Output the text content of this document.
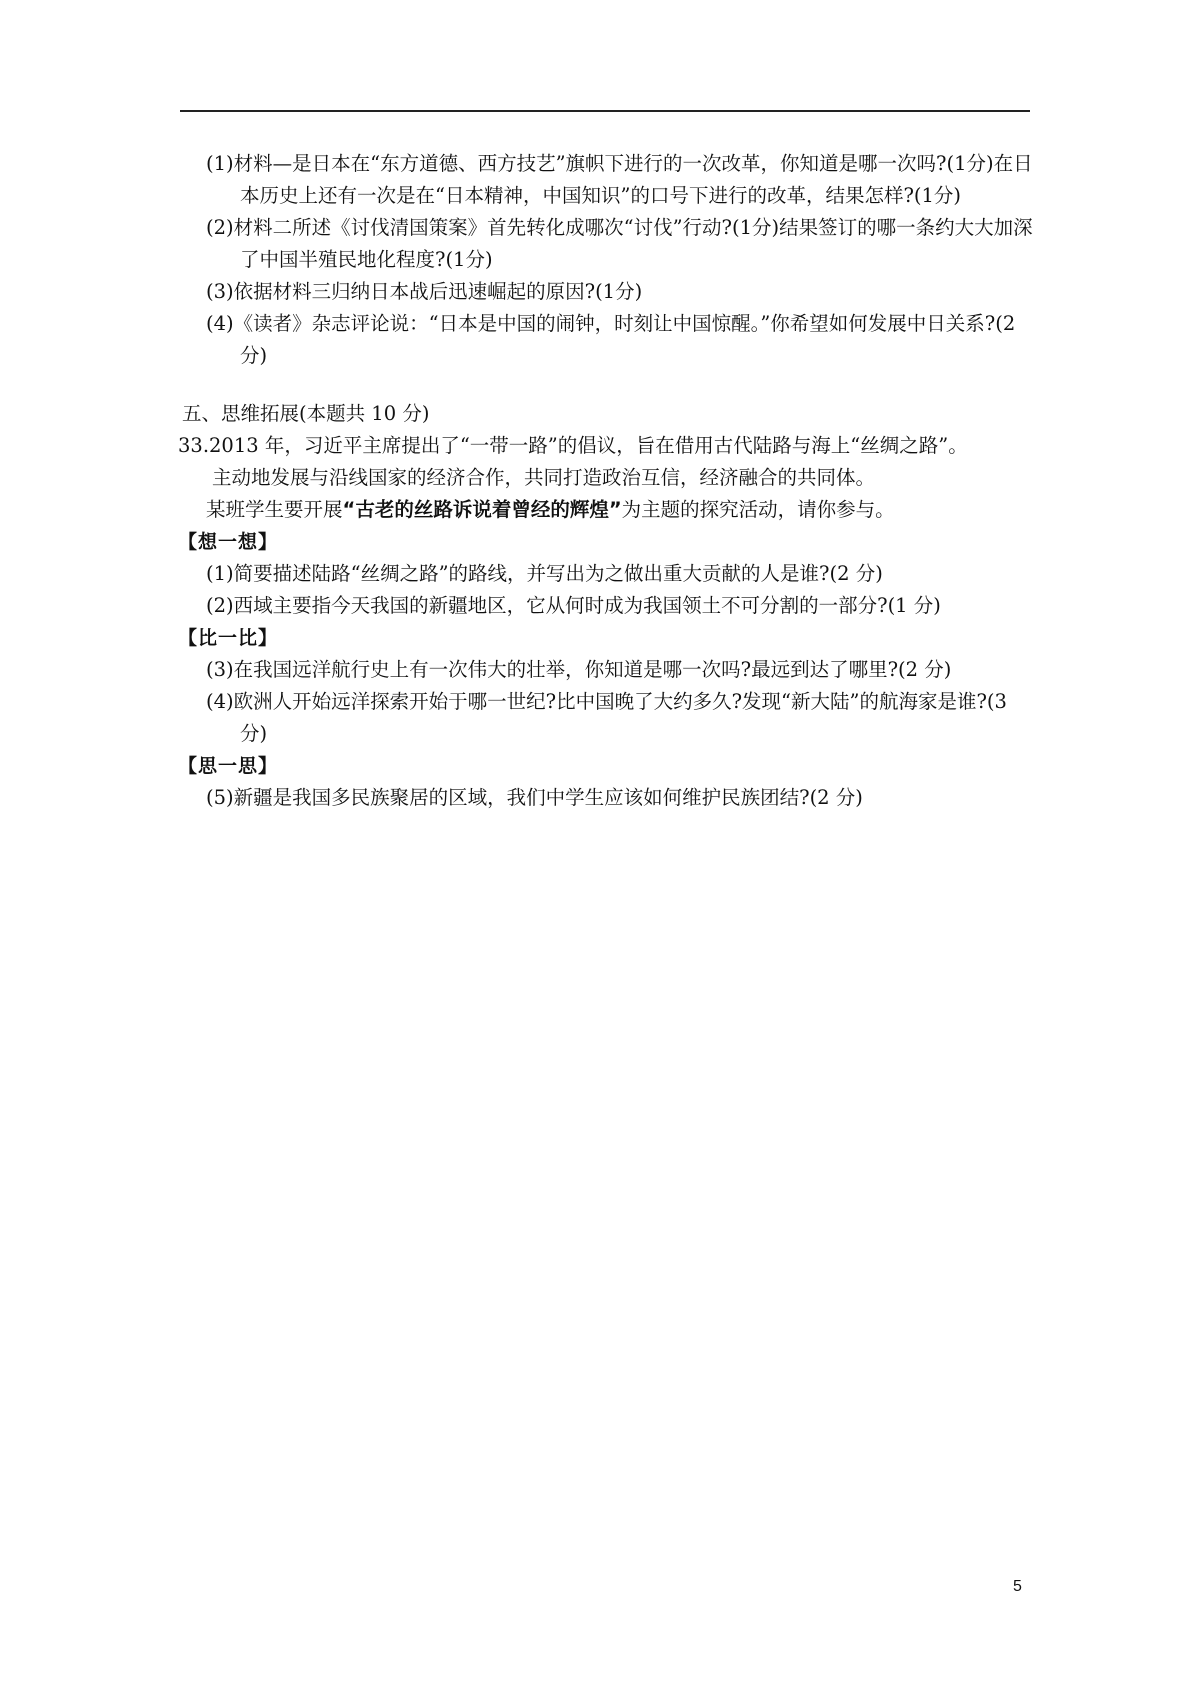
(1)材料—是日本在“东方道德、西方技艺”旗帜下进行的一次改革，你知道是哪一次吗?(1分)在日本历史上还有一次是在“日本精神，中国知识”的口号下进行的改革，结果怎样?(1分)

(2)材料二所述《讨伐清国策案》首先转化成哪次“讨伐”行动?(1分)结果签订的哪一条约大大加深了中国半殖民地化程度?(1分)

(3)依据材料三归纳日本战后迅速崛起的原因?(1分)

(4)《读者》杂志评论说：“日本是中国的闹钟，时刻让中国惊醒。”你希望如何发展中日关系?(2分)

五、思维拓展(本题共 10 分)

33.2013 年，习近平主席提出了“一带一路”的倡议，旨在借用古代陆路与海上“丝绸之路”。

主动地发展与沿线国家的经济合作，共同打造政治互信，经济融合的共同体。

某班学生要开展“古老的丝路诉说着曾经的辉煌”为主题的探究活动，请你参与。

【想一想】

(1)简要描述陆路“丝绸之路”的路线，并写出为之做出重大贡献的人是谁?(2 分)

(2)西域主要指今天我国的新疆地区，它从何时成为我国领土不可分割的一部分?(1 分)

【比一比】

(3)在我国远洋航行史上有一次伟大的壮举，你知道是哪一次吗?最远到达了哪里?(2 分)

(4)欧洲人开始远洋探索开始于哪一世纪?比中国晚了大约多久?发现“新大陆”的航海家是谁?(3 分)

【思一思】

(5)新疆是我国多民族聚居的区域，我们中学生应该如何维护民族团结?(2 分)

5
